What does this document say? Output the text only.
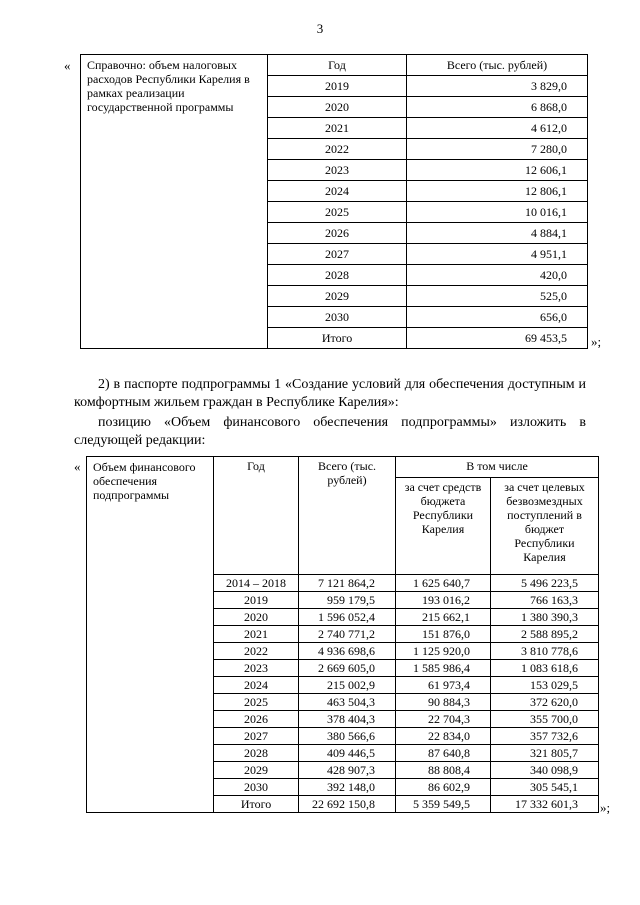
3
« Справочно: объем налоговых расходов Республики Карелия в рамках реализации государственной программы	Год	Всего (тыс. рублей)
	2019	3 829,0
	2020	6 868,0
	2021	4 612,0
	2022	7 280,0
	2023	12 606,1
	2024	12 806,1
	2025	10 016,1
	2026	4 884,1
	2027	4 951,1
	2028	420,0
	2029	525,0
	2030	656,0
	Итого	69 453,5 »;
2) в паспорте подпрограммы 1 «Создание условий для обеспечения доступным и комфортным жильем граждан в Республике Карелия»:
позицию «Объем финансового обеспечения подпрограммы» изложить в следующей редакции:
« Объем финансового обеспечения подпрограммы	Год	Всего (тыс. рублей)	В том числе	
			за счет средств бюджета Республики Карелия	за счет целевых безвозмездных поступлений в бюджет Республики Карелия
	2014 – 2018	7 121 864,2	1 625 640,7	5 496 223,5
	2019	959 179,5	193 016,2	766 163,3
	2020	1 596 052,4	215 662,1	1 380 390,3
	2021	2 740 771,2	151 876,0	2 588 895,2
	2022	4 936 698,6	1 125 920,0	3 810 778,6
	2023	2 669 605,0	1 585 986,4	1 083 618,6
	2024	215 002,9	61 973,4	153 029,5
	2025	463 504,3	90 884,3	372 620,0
	2026	378 404,3	22 704,3	355 700,0
	2027	380 566,6	22 834,0	357 732,6
	2028	409 446,5	87 640,8	321 805,7
	2029	428 907,3	88 808,4	340 098,9
	2030	392 148,0	86 602,9	305 545,1
	Итого	22 692 150,8	5 359 549,5	17 332 601,3 »;
